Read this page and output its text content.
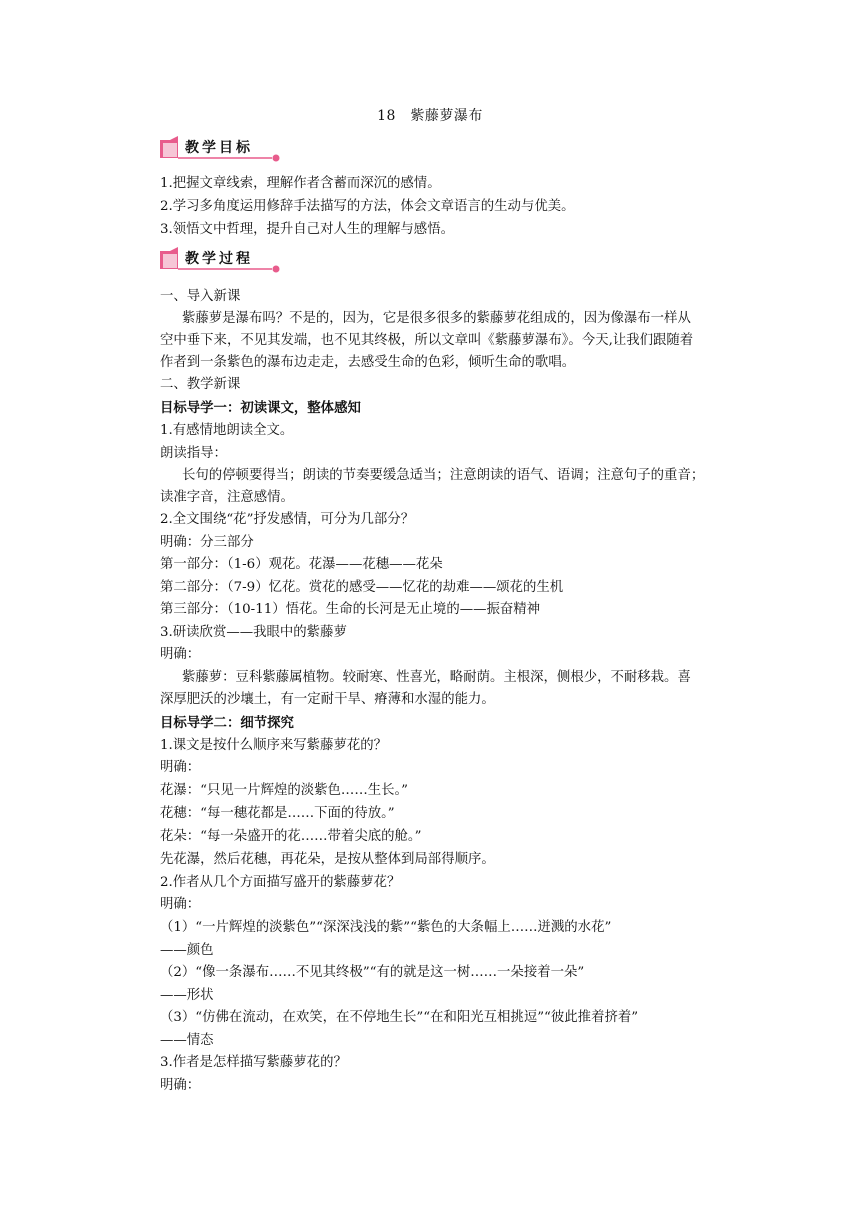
18　紫藤萝瀑布
教学目标
1.把握文章线索，理解作者含蓄而深沉的感情。
2.学习多角度运用修辞手法描写的方法，体会文章语言的生动与优美。
3.领悟文中哲理，提升自己对人生的理解与感悟。
教学过程
一、导入新课
紫藤萝是瀑布吗？不是的，因为，它是很多很多的紫藤萝花组成的，因为像瀑布一样从
空中垂下来，不见其发端，也不见其终极，所以文章叫《紫藤萝瀑布》。今天,让我们跟随着
作者到一条紫色的瀑布边走走，去感受生命的色彩，倾听生命的歌唱。
二、教学新课
目标导学一：初读课文，整体感知
1.有感情地朗读全文。
朗读指导：
长句的停顿要得当；朗读的节奏要缓急适当；注意朗读的语气、语调；注意句子的重音；
读准字音，注意感情。
2.全文围绕“花”抒发感情，可分为几部分？
明确：分三部分
第一部分：（1-6）观花。花瀑——花穗——花朵
第二部分：（7-9）忆花。赏花的感受——忆花的劫难——颂花的生机
第三部分：（10-11）悟花。生命的长河是无止境的——振奋精神
3.研读欣赏——我眼中的紫藤萝
明确：
紫藤萝：豆科紫藤属植物。较耐寒、性喜光，略耐荫。主根深，侧根少，不耐移栽。喜
深厚肥沃的沙壤土，有一定耐干旱、瘠薄和水湿的能力。
目标导学二：细节探究
1.课文是按什么顺序来写紫藤萝花的？
明确：
花瀑：“只见一片辉煌的淡紫色……生长。”
花穗：“每一穗花都是……下面的待放。”
花朵：“每一朵盛开的花……带着尖底的舱。”
先花瀑，然后花穗，再花朵，是按从整体到局部得顺序。
2.作者从几个方面描写盛开的紫藤萝花？
明确：
（1）“一片辉煌的淡紫色”“深深浅浅的紫”“紫色的大条幅上……迸溅的水花”
——颜色
（2）“像一条瀑布……不见其终极”“有的就是这一树……一朵接着一朵”
——形状
（3）“仿佛在流动，在欢笑，在不停地生长”“在和阳光互相挑逗”“彼此推着挤着”
——情态
3.作者是怎样描写紫藤萝花的？
明确：
